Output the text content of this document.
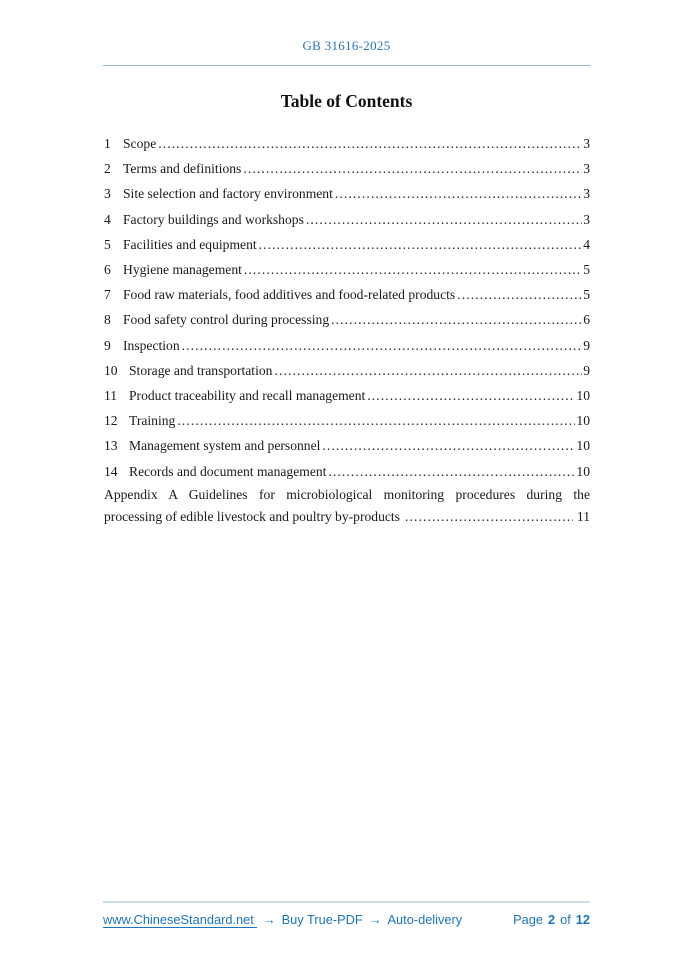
GB 31616-2025
Table of Contents
1 Scope .....	3
2 Terms and definitions .....	3
3 Site selection and factory environment .....	3
4 Factory buildings and workshops .....	3
5 Facilities and equipment .....	4
6 Hygiene management .....	5
7 Food raw materials, food additives and food-related products .....	5
8 Food safety control during processing .....	6
9 Inspection .....	9
10 Storage and transportation .....	9
11 Product traceability and recall management .....	10
12 Training .....	10
13 Management system and personnel .....	10
14 Records and document management .....	10
Appendix A Guidelines for microbiological monitoring procedures during the
processing of edible livestock and poultry by-products .....	11
www.ChineseStandard.net → Buy True-PDF → Auto-delivery	Page 2 of 12
